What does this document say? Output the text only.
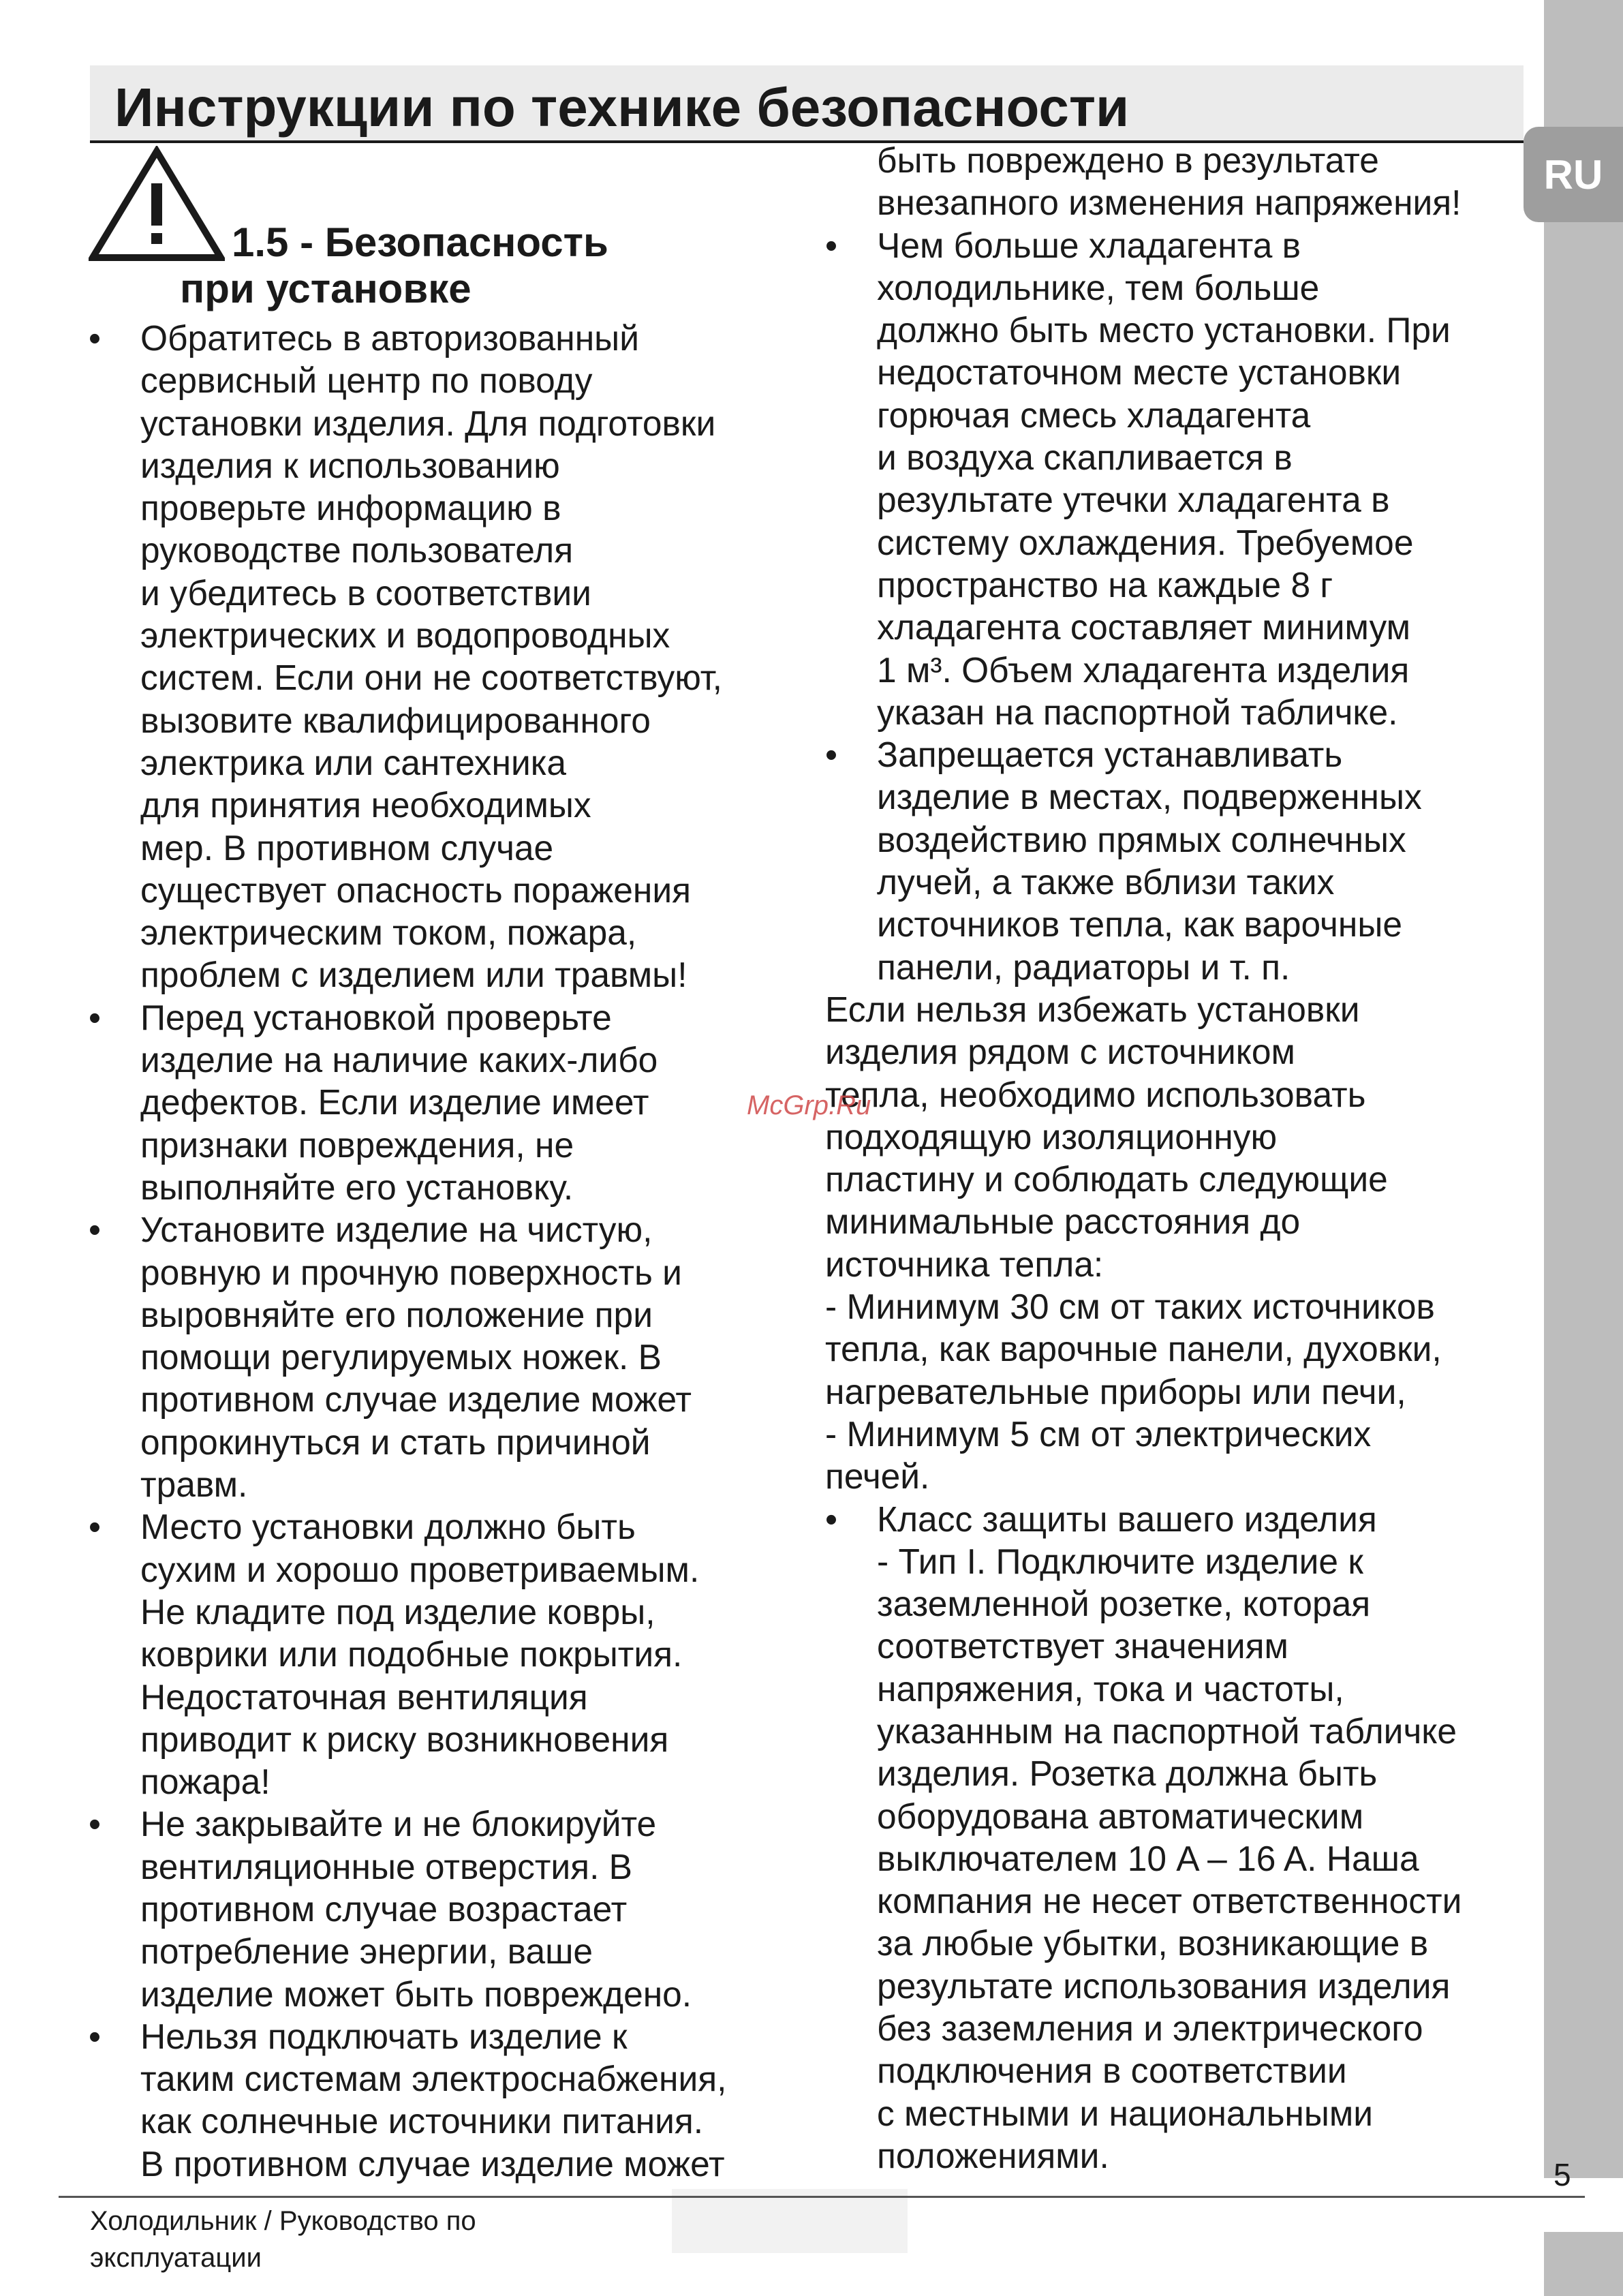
Инструкции по технике безопасности
RU
1.5 - Безопасность
при установке
• Обратитесь в авторизованный
сервисный центр по поводу
установки изделия. Для подготовки
изделия к использованию
проверьте информацию в
руководстве пользователя
и убедитесь в соответствии
электрических и водопроводных
систем. Если они не соответствуют,
вызовите квалифицированного
электрика или сантехника
для принятия необходимых
мер. В противном случае
существует опасность поражения
электрическим током, пожара,
проблем с изделием или травмы!
• Перед установкой проверьте
изделие на наличие каких-либо
дефектов. Если изделие имеет
признаки повреждения, не
выполняйте его установку.
• Установите изделие на чистую,
ровную и прочную поверхность и
выровняйте его положение при
помощи регулируемых ножек. В
противном случае изделие может
опрокинуться и стать причиной
травм.
• Место установки должно быть
сухим и хорошо проветриваемым.
Не кладите под изделие ковры,
коврики или подобные покрытия.
Недостаточная вентиляция
приводит к риску возникновения
пожара!
• Не закрывайте и не блокируйте
вентиляционные отверстия. В
противном случае возрастает
потребление энергии, ваше
изделие может быть повреждено.
• Нельзя подключать изделие к
таким системам электроснабжения,
как солнечные источники питания.
В противном случае изделие может
быть повреждено в результате
внезапного изменения напряжения!
• Чем больше хладагента в
холодильнике, тем больше
должно быть место установки. При
недостаточном месте установки
горючая смесь хладагента
и воздуха скапливается в
результате утечки хладагента в
систему охлаждения. Требуемое
пространство на каждые 8 г
хладагента составляет минимум
1 м³. Объем хладагента изделия
указан на паспортной табличке.
• Запрещается устанавливать
изделие в местах, подверженных
воздействию прямых солнечных
лучей, а также вблизи таких
источников тепла, как варочные
панели, радиаторы и т. п.
Если нельзя избежать установки
изделия рядом с источником
тепла, необходимо использовать
подходящую изоляционную
пластину и соблюдать следующие
минимальные расстояния до
источника тепла:
- Минимум 30 см от таких источников
тепла, как варочные панели, духовки,
нагревательные приборы или печи,
- Минимум 5 см от электрических
печей.
• Класс защиты вашего изделия
- Тип I. Подключите изделие к
заземленной розетке, которая
соответствует значениям
напряжения, тока и частоты,
указанным на паспортной табличке
изделия. Розетка должна быть
оборудована автоматическим
выключателем 10 A – 16 A. Наша
компания не несет ответственности
за любые убытки, возникающие в
результате использования изделия
без заземления и электрического
подключения в соответствии
с местными и национальными
положениями.
McGrp.Ru
5
Холодильник / Руководство по
эксплуатации
